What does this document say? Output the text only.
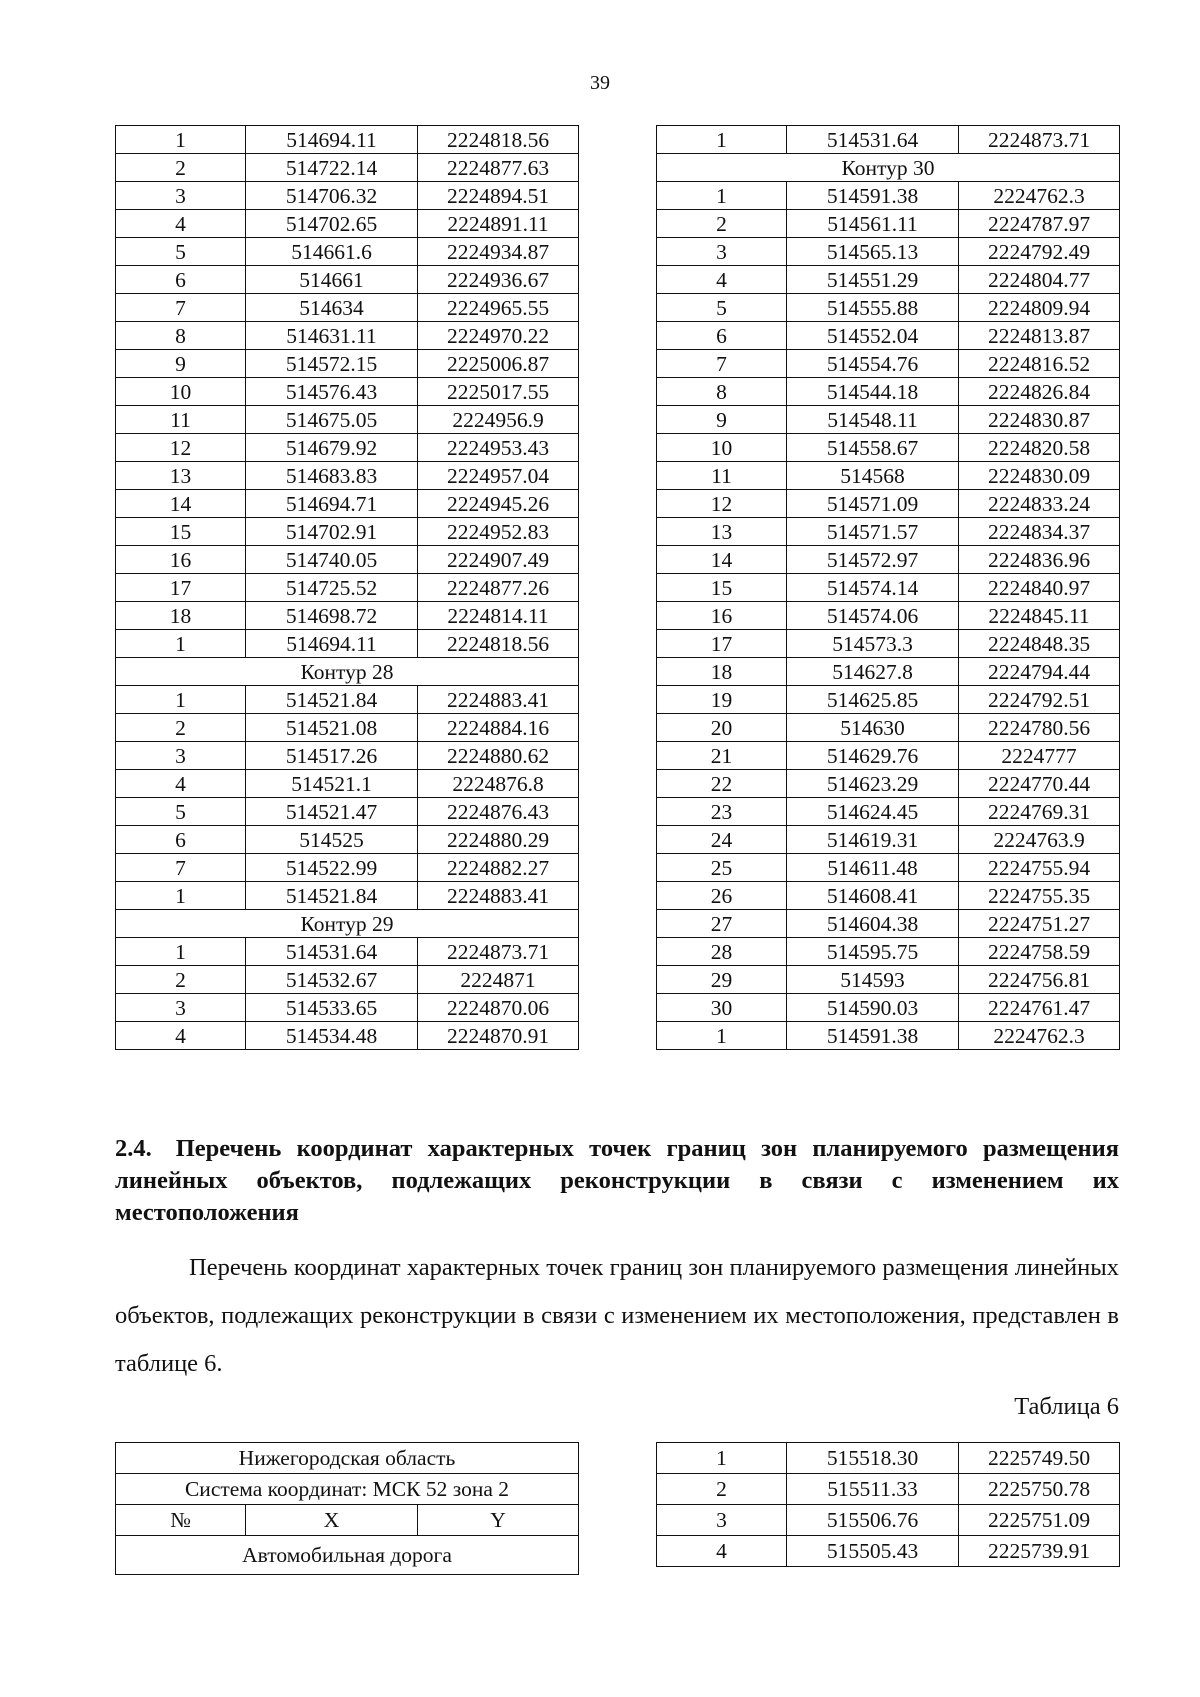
39
1	514694.11	2224818.56
2	514722.14	2224877.63
3	514706.32	2224894.51
4	514702.65	2224891.11
5	514661.6	2224934.87
6	514661	2224936.67
7	514634	2224965.55
8	514631.11	2224970.22
9	514572.15	2225006.87
10	514576.43	2225017.55
11	514675.05	2224956.9
12	514679.92	2224953.43
13	514683.83	2224957.04
14	514694.71	2224945.26
15	514702.91	2224952.83
16	514740.05	2224907.49
17	514725.52	2224877.26
18	514698.72	2224814.11
1	514694.11	2224818.56
Контур 28		
1	514521.84	2224883.41
2	514521.08	2224884.16
3	514517.26	2224880.62
4	514521.1	2224876.8
5	514521.47	2224876.43
6	514525	2224880.29
7	514522.99	2224882.27
1	514521.84	2224883.41
Контур 29		
1	514531.64	2224873.71
2	514532.67	2224871
3	514533.65	2224870.06
4	514534.48	2224870.91
1	514531.64	2224873.71
Контур 30		
1	514591.38	2224762.3
2	514561.11	2224787.97
3	514565.13	2224792.49
4	514551.29	2224804.77
5	514555.88	2224809.94
6	514552.04	2224813.87
7	514554.76	2224816.52
8	514544.18	2224826.84
9	514548.11	2224830.87
10	514558.67	2224820.58
11	514568	2224830.09
12	514571.09	2224833.24
13	514571.57	2224834.37
14	514572.97	2224836.96
15	514574.14	2224840.97
16	514574.06	2224845.11
17	514573.3	2224848.35
18	514627.8	2224794.44
19	514625.85	2224792.51
20	514630	2224780.56
21	514629.76	2224777
22	514623.29	2224770.44
23	514624.45	2224769.31
24	514619.31	2224763.9
25	514611.48	2224755.94
26	514608.41	2224755.35
27	514604.38	2224751.27
28	514595.75	2224758.59
29	514593	2224756.81
30	514590.03	2224761.47
1	514591.38	2224762.3
2.4. Перечень координат характерных точек границ зон планируемого размещения линейных объектов, подлежащих реконструкции в связи с изменением их местоположения
Перечень координат характерных точек границ зон планируемого размещения линейных объектов, подлежащих реконструкции в связи с изменением их местоположения, представлен в таблице 6.
Таблица 6
Нижегородская область
Система координат: МСК 52 зона 2
№	X	Y
Автомобильная дорога
1	515518.30	2225749.50
2	515511.33	2225750.78
3	515506.76	2225751.09
4	515505.43	2225739.91
